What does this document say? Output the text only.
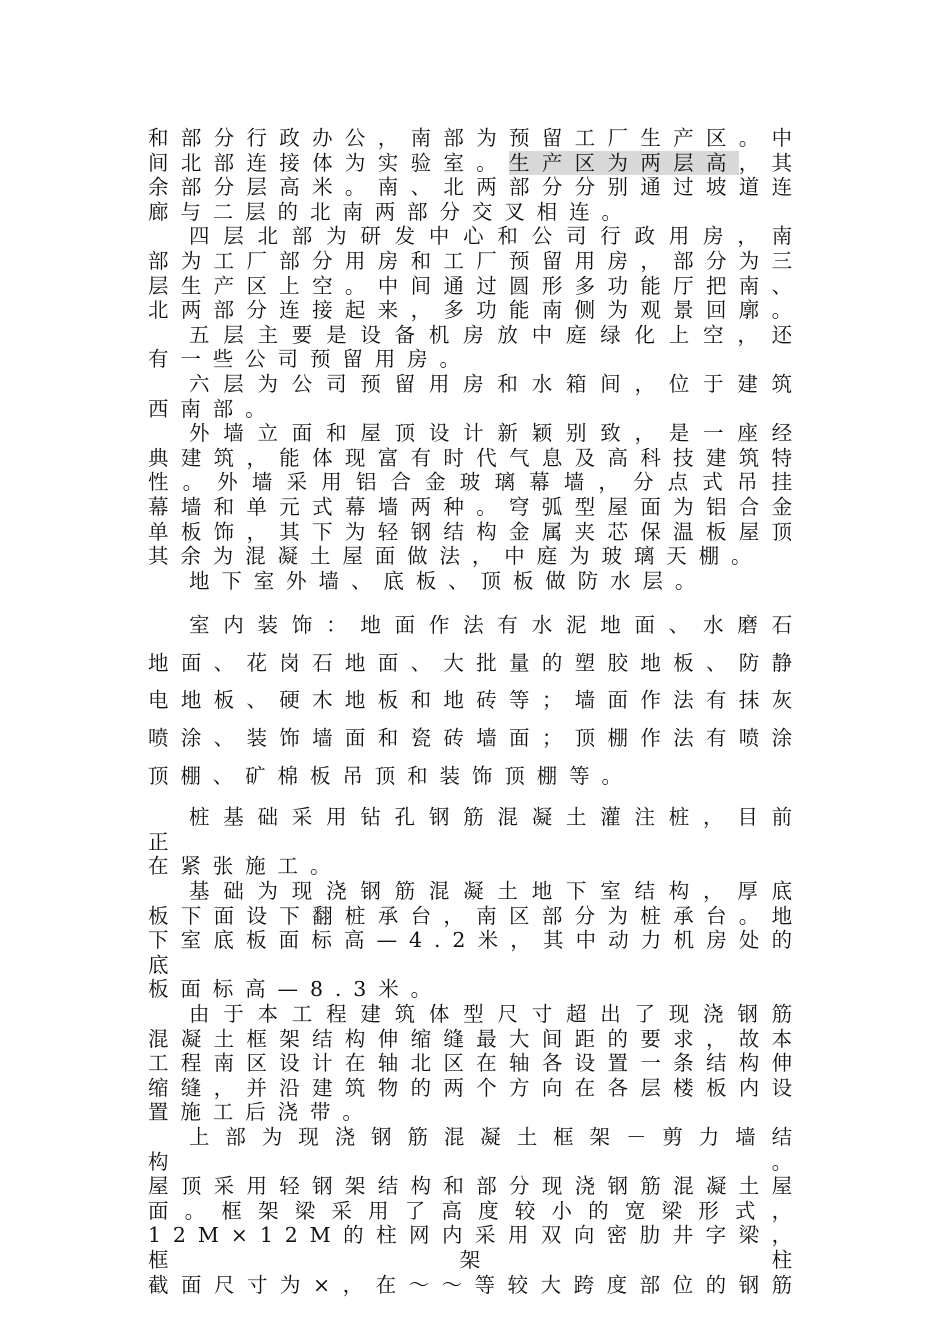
和部分行政办公，南部为预留工厂生产区。中

间北部连接体为实验室。生产区为两层高，其

余部分层高米。南、北两部分分别通过坡道连

廊与二层的北南两部分交叉相连。

四层北部为研发中心和公司行政用房，南

部为工厂部分用房和工厂预留用房，部分为三

层生产区上空。中间通过圆形多功能厅把南、

北两部分连接起来，多功能南侧为观景回廓。

五层主要是设备机房放中庭绿化上空，还

有一些公司预留用房。

六层为公司预留用房和水箱间，位于建筑

西南部。

外墙立面和屋顶设计新颖别致，是一座经

典建筑，能体现富有时代气息及高科技建筑特

性。外墙采用铝合金玻璃幕墙，分点式吊挂

幕墙和单元式幕墙两种。穹弧型屋面为铝合金

单板饰，其下为轻钢结构金属夹芯保温板屋顶

其余为混凝土屋面做法，中庭为玻璃天棚。

地下室外墙、底板、顶板做防水层。

室内装饰：地面作法有水泥地面、水磨石

地面、花岗石地面、大批量的塑胶地板、防静

电地板、硬木地板和地砖等；墙面作法有抹灰

喷涂、装饰墙面和瓷砖墙面；顶棚作法有喷涂

顶棚、矿棉板吊顶和装饰顶棚等。

桩基础采用钻孔钢筋混凝土灌注桩，目前正

在紧张施工。

基础为现浇钢筋混凝土地下室结构，厚底

板下面设下翻桩承台，南区部分为桩承台。地

下室底板面标高—4.2米，其中动力机房处的底

板面标高—8.3米。

由于本工程建筑体型尺寸超出了现浇钢筋

混凝土框架结构伸缩缝最大间距的要求，故本

工程南区设计在轴北区在轴各设置一条结构伸

缩缝，并沿建筑物的两个方向在各层楼板内设

置施工后浇带。

上部为现浇钢筋混凝土框架－剪力墙结构。

屋顶采用轻钢架结构和部分现浇钢筋混凝土屋

面。框架梁采用了高度较小的宽梁形式，

12M×12M的柱网内采用双向密肋井字梁，框架柱

截面尺寸为×，在～～等较大跨度部位的钢筋
